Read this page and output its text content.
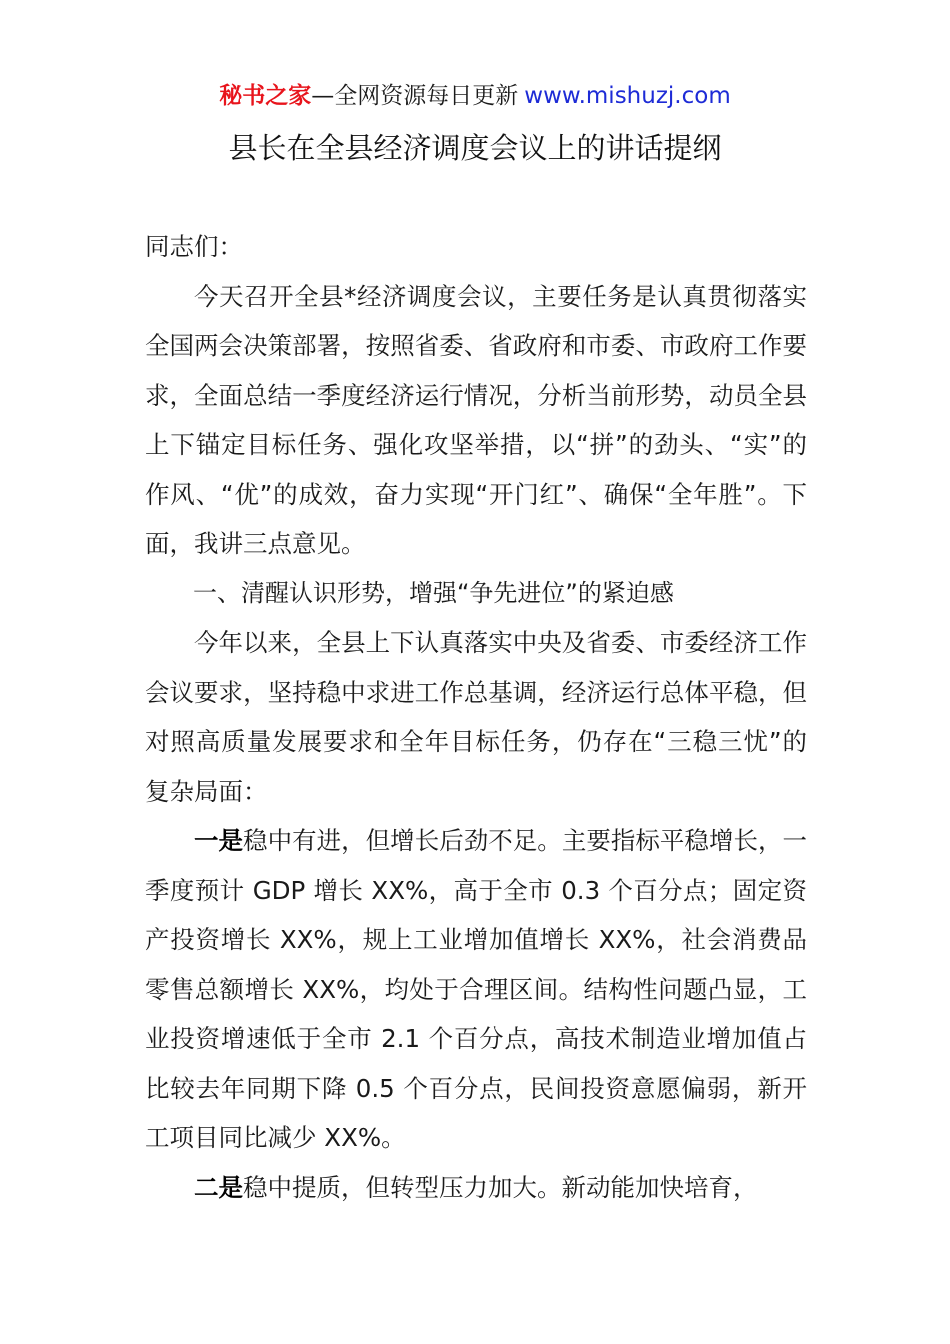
秘书之家—全网资源每日更新 www.mishuzj.com
县长在全县经济调度会议上的讲话提纲

同志们：

今天召开全县*经济调度会议，主要任务是认真贯彻落实全国两会决策部署，按照省委、省政府和市委、市政府工作要求，全面总结一季度经济运行情况，分析当前形势，动员全县上下锚定目标任务、强化攻坚举措，以“拼”的劲头、“实”的作风、“优”的成效，奋力实现“开门红”、确保“全年胜”。下面，我讲三点意见。

一、清醒认识形势，增强“争先进位”的紧迫感

今年以来，全县上下认真落实中央及省委、市委经济工作会议要求，坚持稳中求进工作总基调，经济运行总体平稳，但对照高质量发展要求和全年目标任务，仍存在“三稳三忧”的复杂局面：

一是稳中有进，但增长后劲不足。主要指标平稳增长，一季度预计 GDP 增长 XX%，高于全市 0.3 个百分点；固定资产投资增长 XX%，规上工业增加值增长 XX%，社会消费品零售总额增长 XX%，均处于合理区间。结构性问题凸显，工业投资增速低于全市 2.1 个百分点，高技术制造业增加值占比较去年同期下降 0.5 个百分点，民间投资意愿偏弱，新开工项目同比减少 XX%。

二是稳中提质，但转型压力加大。新动能加快培育，
